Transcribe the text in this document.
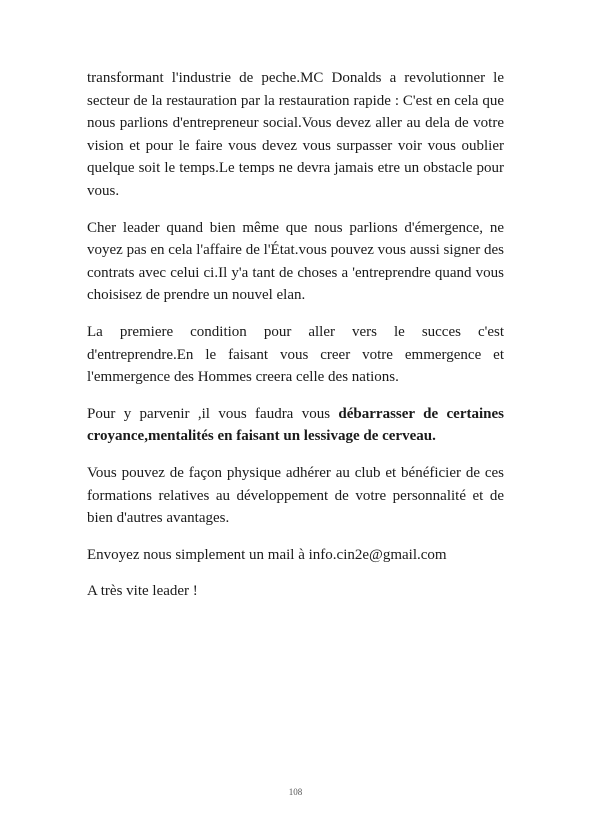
transformant l'industrie de peche.MC Donalds a revolutionner le secteur de la restauration par la restauration rapide : C'est en cela que nous parlions d'entrepreneur social.Vous devez aller au dela de votre vision et pour le faire vous devez vous surpasser voir vous oublier quelque soit le temps.Le temps ne devra jamais etre un obstacle pour vous.

Cher leader quand bien même que nous parlions d'émergence, ne voyez pas en cela l'affaire de l'État.vous pouvez vous aussi signer des contrats avec celui ci.Il y'a tant de choses a 'entreprendre quand vous choisisez de prendre un nouvel elan.

La premiere condition pour aller vers le succes c'est d'entreprendre.En le faisant vous creer votre emmergence et l'emmergence des Hommes creera celle des nations.

Pour y parvenir ,il vous faudra vous débarrasser de certaines croyance,mentalités en faisant un lessivage de cerveau.

Vous pouvez de façon physique adhérer au club et bénéficier de ces formations relatives au développement de votre personnalité et de bien d'autres avantages.

Envoyez nous simplement un mail à info.cin2e@gmail.com

A très vite leader !

108
